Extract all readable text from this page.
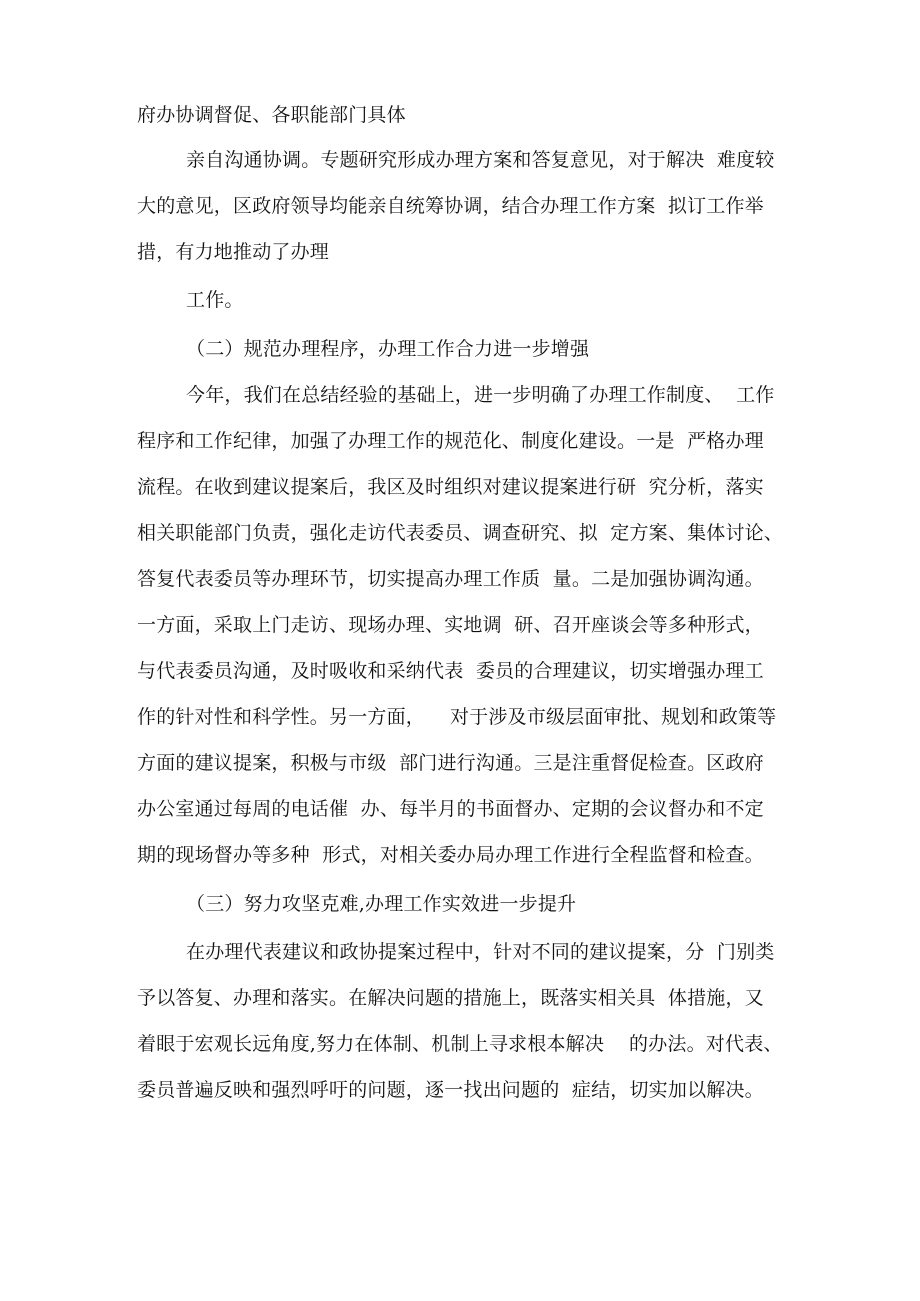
府办协调督促、各职能部门具体
亲自沟通协调。专题研究形成办理方案和答复意见，对于解决  难度较
大的意见，区政府领导均能亲自统筹协调，结合办理工作方案  拟订工作举
措，有力地推动了办理
工作。
（二）规范办理程序，办理工作合力进一步增强
今年，我们在总结经验的基础上，进一步明确了办理工作制度、  工作
程序和工作纪律，加强了办理工作的规范化、制度化建设。一是  严格办理
流程。在收到建议提案后，我区及时组织对建议提案进行研  究分析，落实
相关职能部门负责，强化走访代表委员、调查研究、拟  定方案、集体讨论、
答复代表委员等办理环节，切实提高办理工作质  量。二是加强协调沟通。
一方面，采取上门走访、现场办理、实地调  研、召开座谈会等多种形式，
与代表委员沟通，及时吸收和采纳代表  委员的合理建议，切实增强办理工
作的针对性和科学性。另一方面，    对于涉及市级层面审批、规划和政策等
方面的建议提案，积极与市级  部门进行沟通。三是注重督促检查。区政府
办公室通过每周的电话催  办、每半月的书面督办、定期的会议督办和不定
期的现场督办等多种  形式，对相关委办局办理工作进行全程监督和检查。
（三）努力攻坚克难,办理工作实效进一步提升
在办理代表建议和政协提案过程中，针对不同的建议提案，分  门别类
予以答复、办理和落实。在解决问题的措施上，既落实相关具  体措施，又
着眼于宏观长远角度,努力在体制、机制上寻求根本解决    的办法。对代表、
委员普遍反映和强烈呼吁的问题，逐一找出问题的  症结，切实加以解决。
